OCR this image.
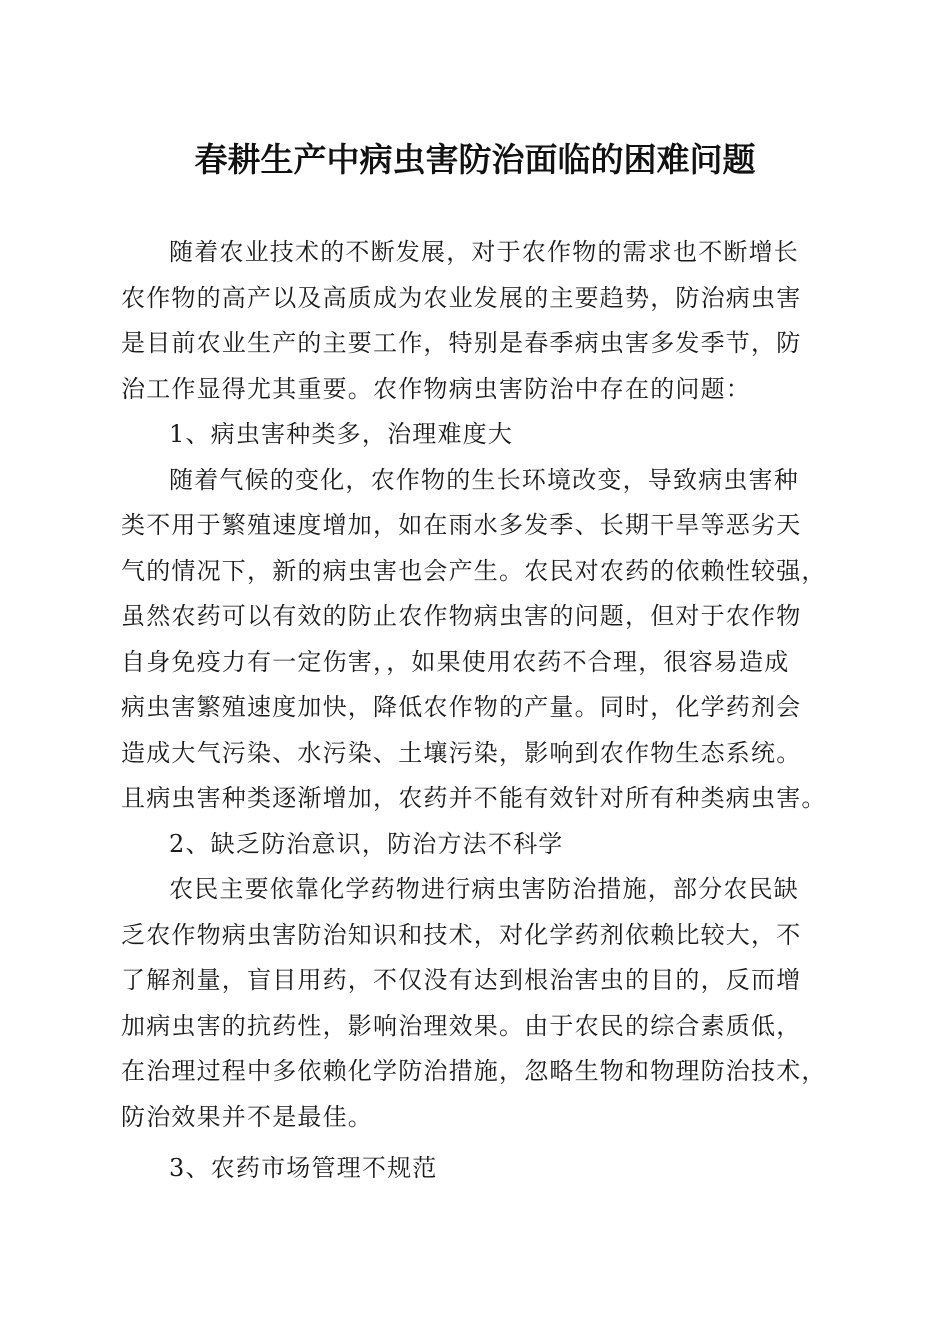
春耕生产中病虫害防治面临的困难问题
随着农业技术的不断发展，对于农作物的需求也不断增长
农作物的高产以及高质成为农业发展的主要趋势，防治病虫害
是目前农业生产的主要工作，特别是春季病虫害多发季节，防
治工作显得尤其重要。农作物病虫害防治中存在的问题：
1、病虫害种类多，治理难度大
随着气候的变化，农作物的生长环境改变，导致病虫害种
类不用于繁殖速度增加，如在雨水多发季、长期干旱等恶劣天
气的情况下，新的病虫害也会产生。农民对农药的依赖性较强，
虽然农药可以有效的防止农作物病虫害的问题，但对于农作物
自身免疫力有一定伤害，，如果使用农药不合理，很容易造成
病虫害繁殖速度加快，降低农作物的产量。同时，化学药剂会
造成大气污染、水污染、土壤污染，影响到农作物生态系统。
且病虫害种类逐渐增加，农药并不能有效针对所有种类病虫害。
2、缺乏防治意识，防治方法不科学
农民主要依靠化学药物进行病虫害防治措施，部分农民缺
乏农作物病虫害防治知识和技术，对化学药剂依赖比较大，不
了解剂量，盲目用药，不仅没有达到根治害虫的目的，反而增
加病虫害的抗药性，影响治理效果。由于农民的综合素质低，
在治理过程中多依赖化学防治措施，忽略生物和物理防治技术，
防治效果并不是最佳。
3、农药市场管理不规范
